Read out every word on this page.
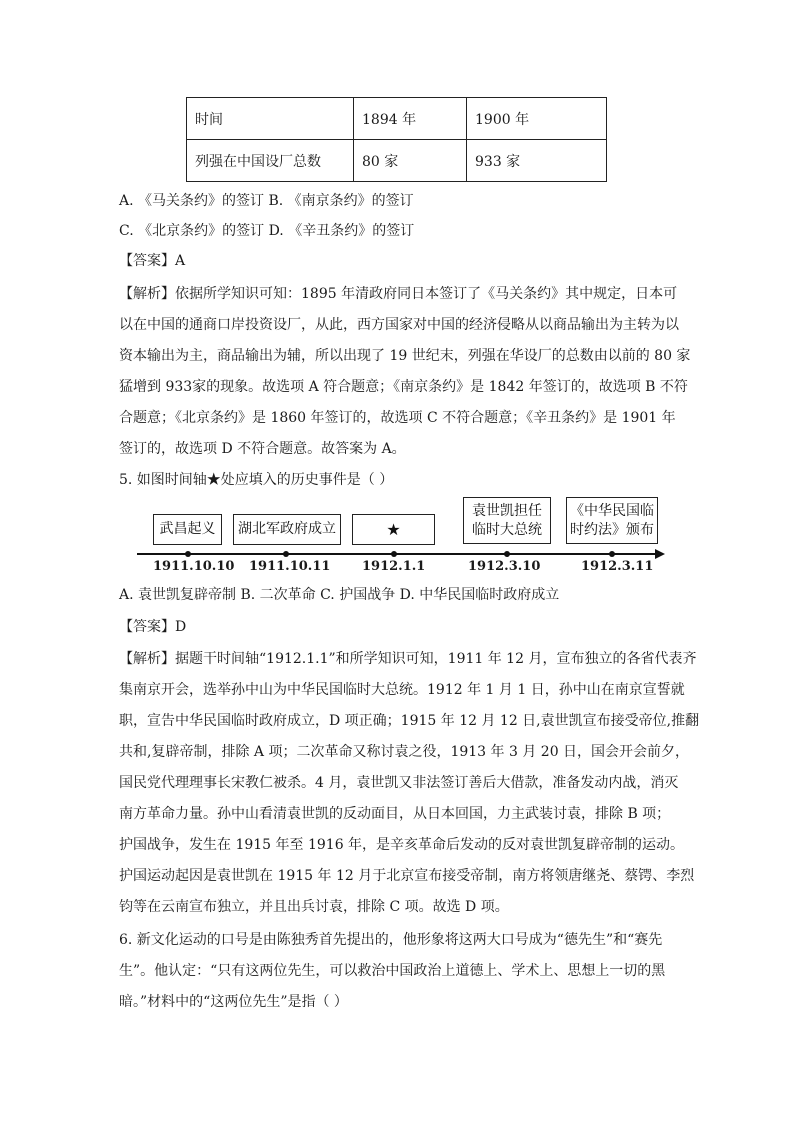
时间	1894 年	1900 年
列强在中国设厂总数	80 家	933 家
A. 《马关条约》的签订 B. 《南京条约》的签订
C. 《北京条约》的签订 D. 《辛丑条约》的签订
【答案】A
【解析】依据所学知识可知：1895 年清政府同日本签订了《马关条约》其中规定，日本可
以在中国的通商口岸投资设厂，从此，西方国家对中国的经济侵略从以商品输出为主转为以
资本输出为主，商品输出为辅，所以出现了 19 世纪末，列强在华设厂的总数由以前的 80 家
猛增到 933家的现象。故选项 A 符合题意；《南京条约》是 1842 年签订的，故选项 B 不符
合题意；《北京条约》是 1860 年签订的，故选项 C 不符合题意；《辛丑条约》是 1901 年
签订的，故选项 D 不符合题意。故答案为 A。
5. 如图时间轴★处应填入的历史事件是（ ）
武昌起义	湖北军政府成立	★
袁世凯担任
临时大总统
《中华民国临
时约法》颁布
1911.10.10 1911.10.11 1912.1.1	1912.3.10	1912.3.11
A. 袁世凯复辟帝制 B. 二次革命 C. 护国战争 D. 中华民国临时政府成立
【答案】D
【解析】据题干时间轴“1912.1.1”和所学知识可知，1911 年 12 月，宣布独立的各省代表齐
集南京开会，选举孙中山为中华民国临时大总统。1912 年 1 月 1 日，孙中山在南京宣誓就
职，宣告中华民国临时政府成立，D 项正确；1915 年 12 月 12 日,袁世凯宣布接受帝位,推翻
共和,复辟帝制，排除 A 项；二次革命又称讨袁之役，1913 年 3 月 20 日，国会开会前夕，
国民党代理理事长宋教仁被杀。4 月，袁世凯又非法签订善后大借款，准备发动内战，消灭
南方革命力量。孙中山看清袁世凯的反动面目，从日本回国，力主武装讨袁，排除 B 项；
护国战争，发生在 1915 年至 1916 年，是辛亥革命后发动的反对袁世凯复辟帝制的运动。
护国运动起因是袁世凯在 1915 年 12 月于北京宣布接受帝制，南方将领唐继尧、蔡锷、李烈
钧等在云南宣布独立，并且出兵讨袁，排除 C 项。故选 D 项。
6. 新文化运动的口号是由陈独秀首先提出的，他形象将这两大口号成为“德先生”和“赛先
生”。他认定：“只有这两位先生，可以救治中国政治上道德上、学术上、思想上一切的黑
暗。”材料中的“这两位先生”是指（ ）
